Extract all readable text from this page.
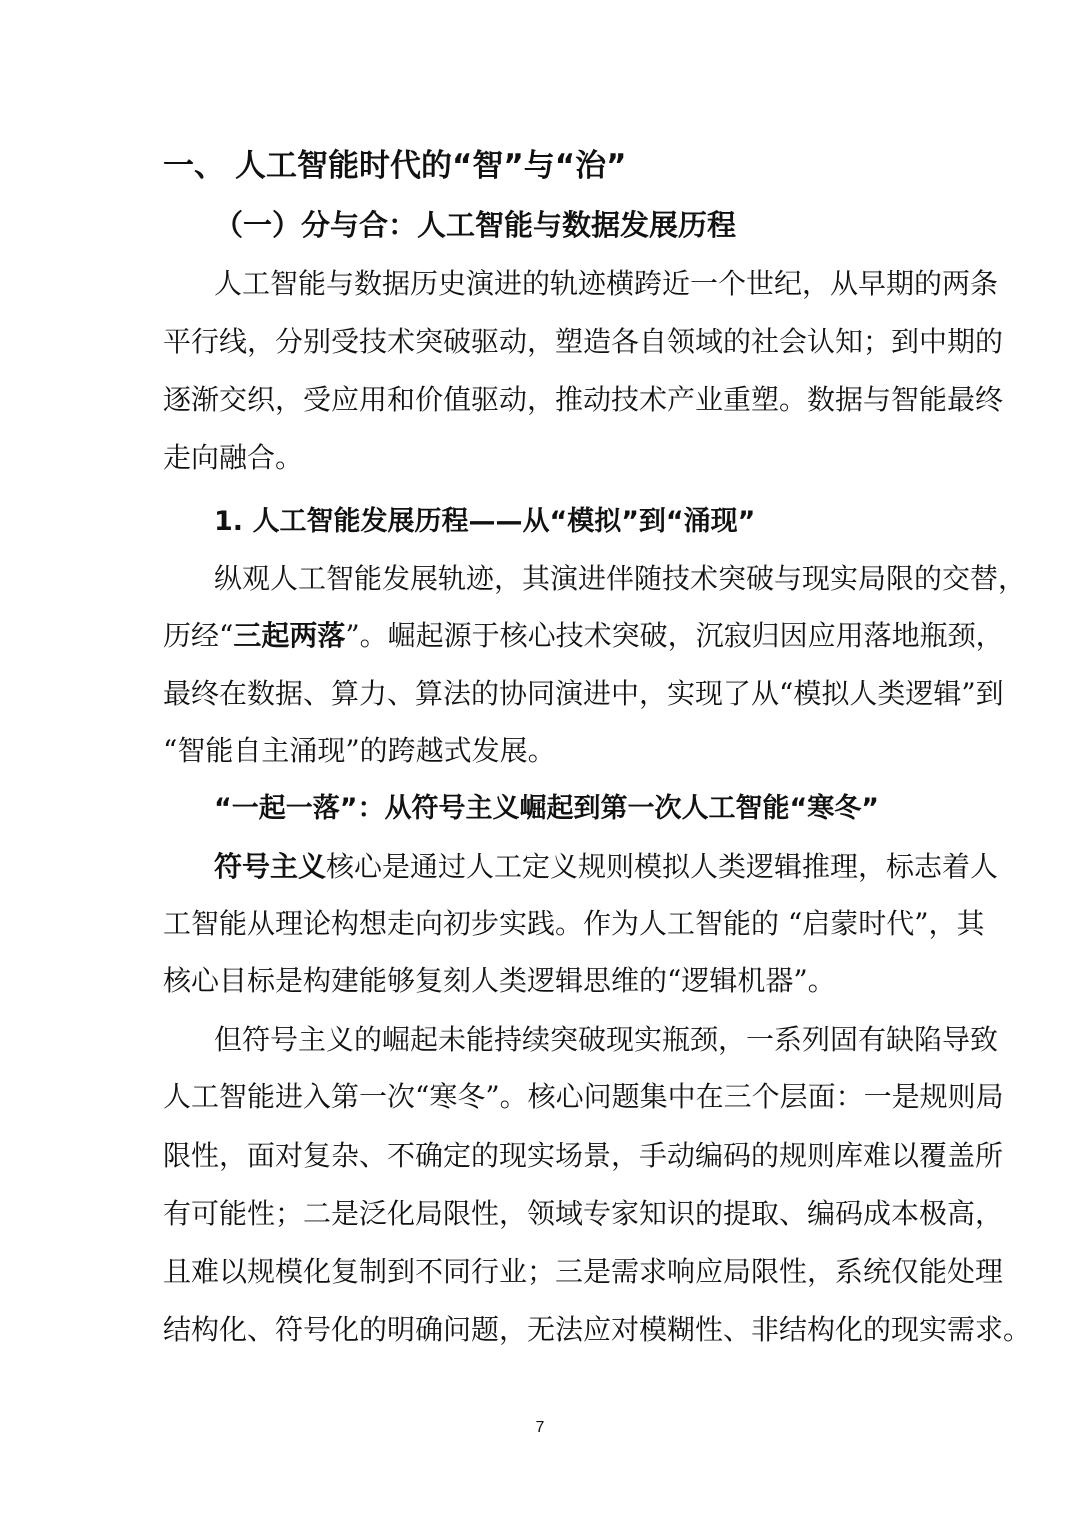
一、 人工智能时代的“智”与“治”
（一）分与合：人工智能与数据发展历程
人工智能与数据历史演进的轨迹横跨近一个世纪，从早期的两条
平行线，分别受技术突破驱动，塑造各自领域的社会认知；到中期的
逐渐交织，受应用和价值驱动，推动技术产业重塑。数据与智能最终
走向融合。
1. 人工智能发展历程——从“模拟”到“涌现”
纵观人工智能发展轨迹，其演进伴随技术突破与现实局限的交替，
历经“三起两落”。崛起源于核心技术突破，沉寂归因应用落地瓶颈，
最终在数据、算力、算法的协同演进中，实现了从“模拟人类逻辑”到
“智能自主涌现”的跨越式发展。
“一起一落”：从符号主义崛起到第一次人工智能“寒冬”
符号主义核心是通过人工定义规则模拟人类逻辑推理，标志着人
工智能从理论构想走向初步实践。作为人工智能的 “启蒙时代”，其
核心目标是构建能够复刻人类逻辑思维的“逻辑机器”。
但符号主义的崛起未能持续突破现实瓶颈，一系列固有缺陷导致
人工智能进入第一次“寒冬”。核心问题集中在三个层面：一是规则局
限性，面对复杂、不确定的现实场景，手动编码的规则库难以覆盖所
有可能性；二是泛化局限性，领域专家知识的提取、编码成本极高，
且难以规模化复制到不同行业；三是需求响应局限性，系统仅能处理
结构化、符号化的明确问题，无法应对模糊性、非结构化的现实需求。
7
